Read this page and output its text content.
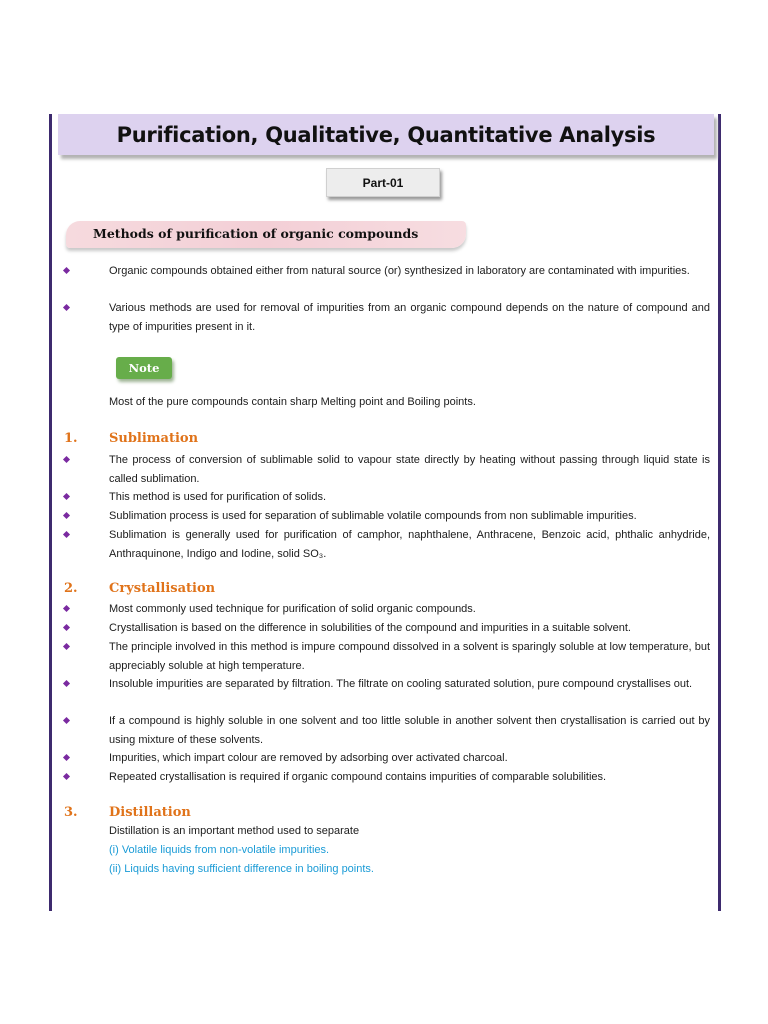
Purification, Qualitative, Quantitative Analysis
Part-01
Methods of purification of organic compounds
Organic compounds obtained either from natural source (or) synthesized in laboratory are contaminated with impurities.
Various methods are used for removal of impurities from an organic compound depends on the nature of compound and type of impurities present in it.
Note
Most of the pure compounds contain sharp Melting point and Boiling points.
1. Sublimation
The process of conversion of sublimable solid to vapour state directly by heating without passing through liquid state is called sublimation.
This method is used for purification of solids.
Sublimation process is used for separation of sublimable volatile compounds from non sublimable impurities.
Sublimation is generally used for purification of camphor, naphthalene, Anthracene, Benzoic acid, phthalic anhydride, Anthraquinone, Indigo and Iodine, solid SO₃.
2. Crystallisation
Most commonly used technique for purification of solid organic compounds.
Crystallisation is based on the difference in solubilities of the compound and impurities in a suitable solvent.
The principle involved in this method is impure compound dissolved in a solvent is sparingly soluble at low temperature, but appreciably soluble at high temperature.
Insoluble impurities are separated by filtration. The filtrate on cooling saturated solution, pure compound crystallises out.
If a compound is highly soluble in one solvent and too little soluble in another solvent then crystallisation is carried out by using mixture of these solvents.
Impurities, which impart colour are removed by adsorbing over activated charcoal.
Repeated crystallisation is required if organic compound contains impurities of comparable solubilities.
3. Distillation
Distillation is an important method used to separate
(i) Volatile liquids from non-volatile impurities.
(ii) Liquids having sufficient difference in boiling points.
